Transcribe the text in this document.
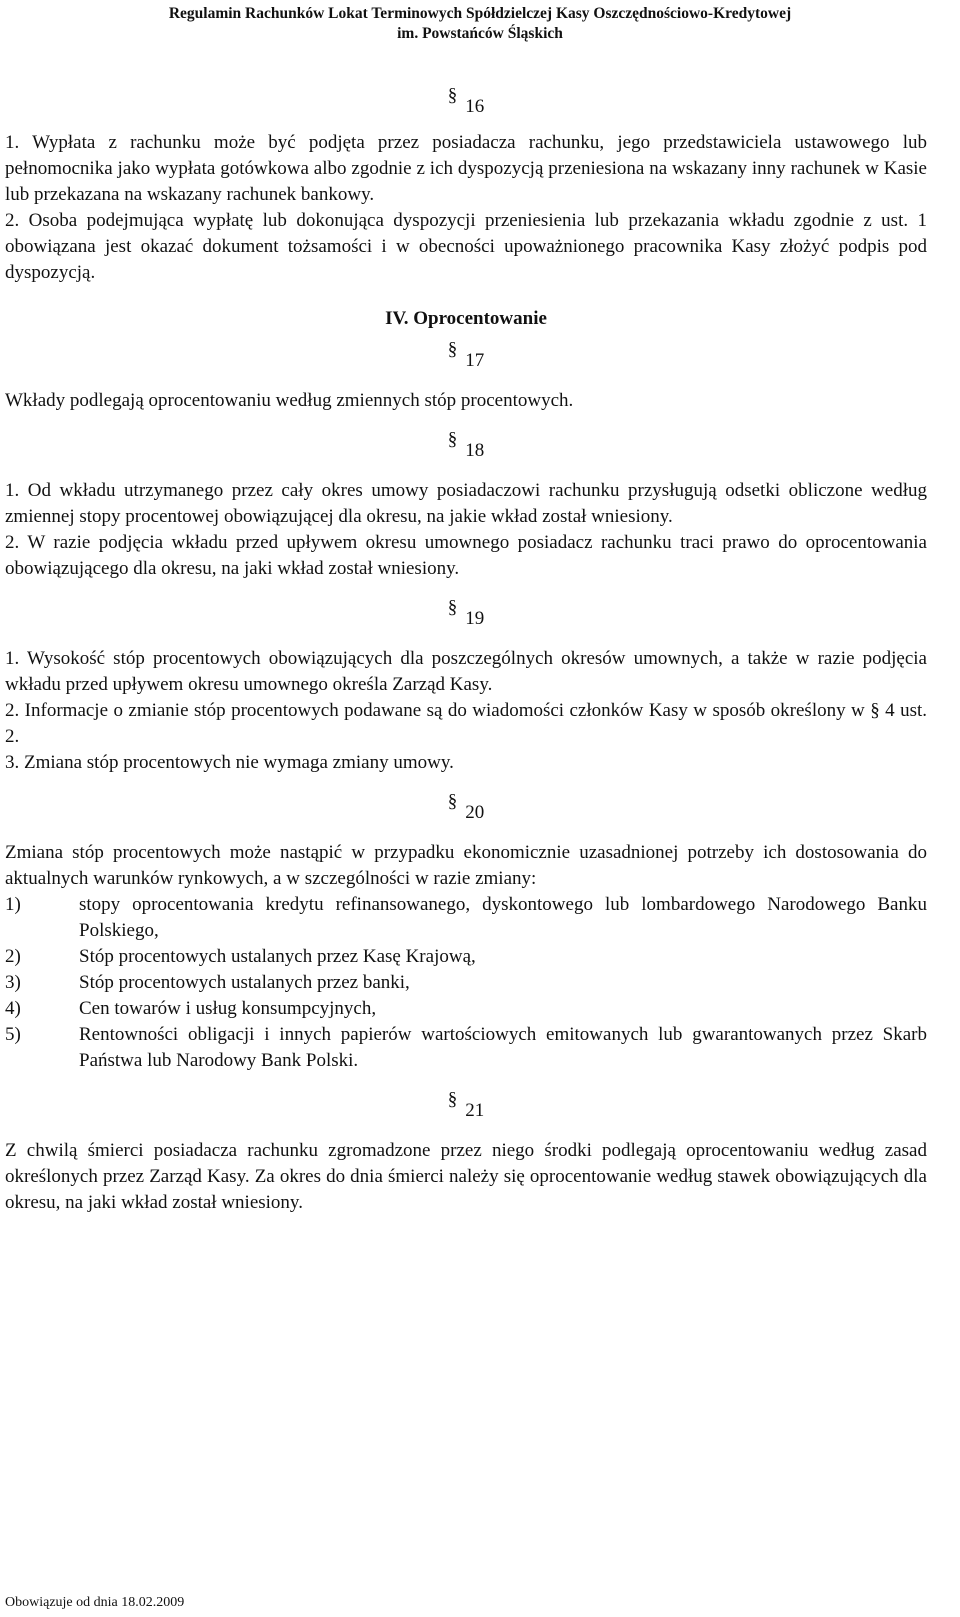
Regulamin Rachunków Lokat Terminowych Spółdzielczej Kasy Oszczędnościowo-Kredytowej
im. Powstańców Śląskich
§16

1. Wypłata z rachunku może być podjęta przez posiadacza rachunku, jego przedstawiciela ustawowego lub pełnomocnika jako wypłata gotówkowa albo zgodnie z ich dyspozycją przeniesiona na wskazany inny rachunek w Kasie lub przekazana na wskazany rachunek bankowy.

2. Osoba podejmująca wypłatę lub dokonująca dyspozycji przeniesienia lub przekazania wkładu zgodnie z ust. 1 obowiązana jest okazać dokument tożsamości i w obecności upoważnionego pracownika Kasy złożyć podpis pod dyspozycją.

IV. Oprocentowanie

§17

Wkłady podlegają oprocentowaniu według zmiennych stóp procentowych.

§18

1. Od wkładu utrzymanego przez cały okres umowy posiadaczowi rachunku przysługują odsetki obliczone według zmiennej stopy procentowej obowiązującej dla okresu, na jakie wkład został wniesiony.

2. W razie podjęcia wkładu przed upływem okresu umownego posiadacz rachunku traci prawo do oprocentowania obowiązującego dla okresu, na jaki wkład został wniesiony.

§19

1. Wysokość stóp procentowych obowiązujących dla poszczególnych okresów umownych, a także w razie podjęcia wkładu przed upływem okresu umownego określa Zarząd Kasy.

2. Informacje o zmianie stóp procentowych podawane są do wiadomości członków Kasy w sposób określony w § 4 ust. 2.

3. Zmiana stóp procentowych nie wymaga zmiany umowy.

§20

Zmiana stóp procentowych może nastąpić w przypadku ekonomicznie uzasadnionej potrzeby ich dostosowania do aktualnych warunków rynkowych, a w szczególności w razie zmiany:

1)	stopy oprocentowania kredytu refinansowanego, dyskontowego lub lombardowego Narodowego Banku Polskiego,
2)	Stóp procentowych ustalanych przez Kasę Krajową,
3)	Stóp procentowych ustalanych przez banki,
4)	Cen towarów i usług konsumpcyjnych,
5)	Rentowności obligacji i innych papierów wartościowych emitowanych lub gwarantowanych przez Skarb Państwa lub Narodowy Bank Polski.
§21

Z chwilą śmierci posiadacza rachunku zgromadzone przez niego środki podlegają oprocentowaniu według zasad określonych przez Zarząd Kasy. Za okres do dnia śmierci należy się oprocentowanie według stawek obowiązujących dla okresu, na jaki wkład został wniesiony.

Obowiązuje od dnia 18.02.2009
